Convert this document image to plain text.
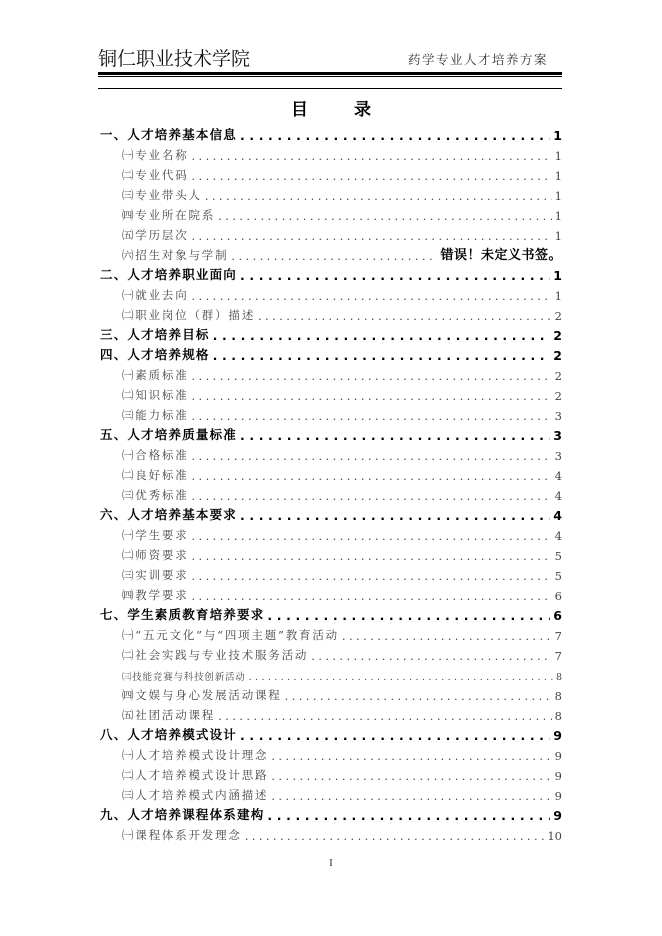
铜仁职业技术学院	药学专业人才培养方案
目 录
一、人才培养基本信息 .....	1
㈠专业名称 .....	1
㈡专业代码 .....	1
㈢专业带头人 .....	1
㈣专业所在院系 .....	1
㈤学历层次 .....	1
㈥招生对象与学制 .....	错误！未定义书签。
二、人才培养职业面向 .....	1
㈠就业去向 .....	1
㈡职业岗位（群）描述 .....	2
三、人才培养目标 .....	2
四、人才培养规格 .....	2
㈠素质标准 .....	2
㈡知识标准 .....	2
㈢能力标准 .....	3
五、人才培养质量标准 .....	3
㈠合格标准 .....	3
㈡良好标准 .....	4
㈢优秀标准 .....	4
六、人才培养基本要求 .....	4
㈠学生要求 .....	4
㈡师资要求 .....	5
㈢实训要求 .....	5
㈣教学要求 .....	6
七、学生素质教育培养要求 .....	6
㈠“五元文化”与“四项主题”教育活动 .....	7
㈡社会实践与专业技术服务活动 .....	7
㈢技能竞赛与科技创新活动 .....	8
㈣文娱与身心发展活动课程 .....	8
㈤社团活动课程 .....	8
八、人才培养模式设计 .....	9
㈠人才培养模式设计理念 .....	9
㈡人才培养模式设计思路 .....	9
㈢人才培养模式内涵描述 .....	9
九、人才培养课程体系建构 .....	9
㈠课程体系开发理念 .....	10
I
